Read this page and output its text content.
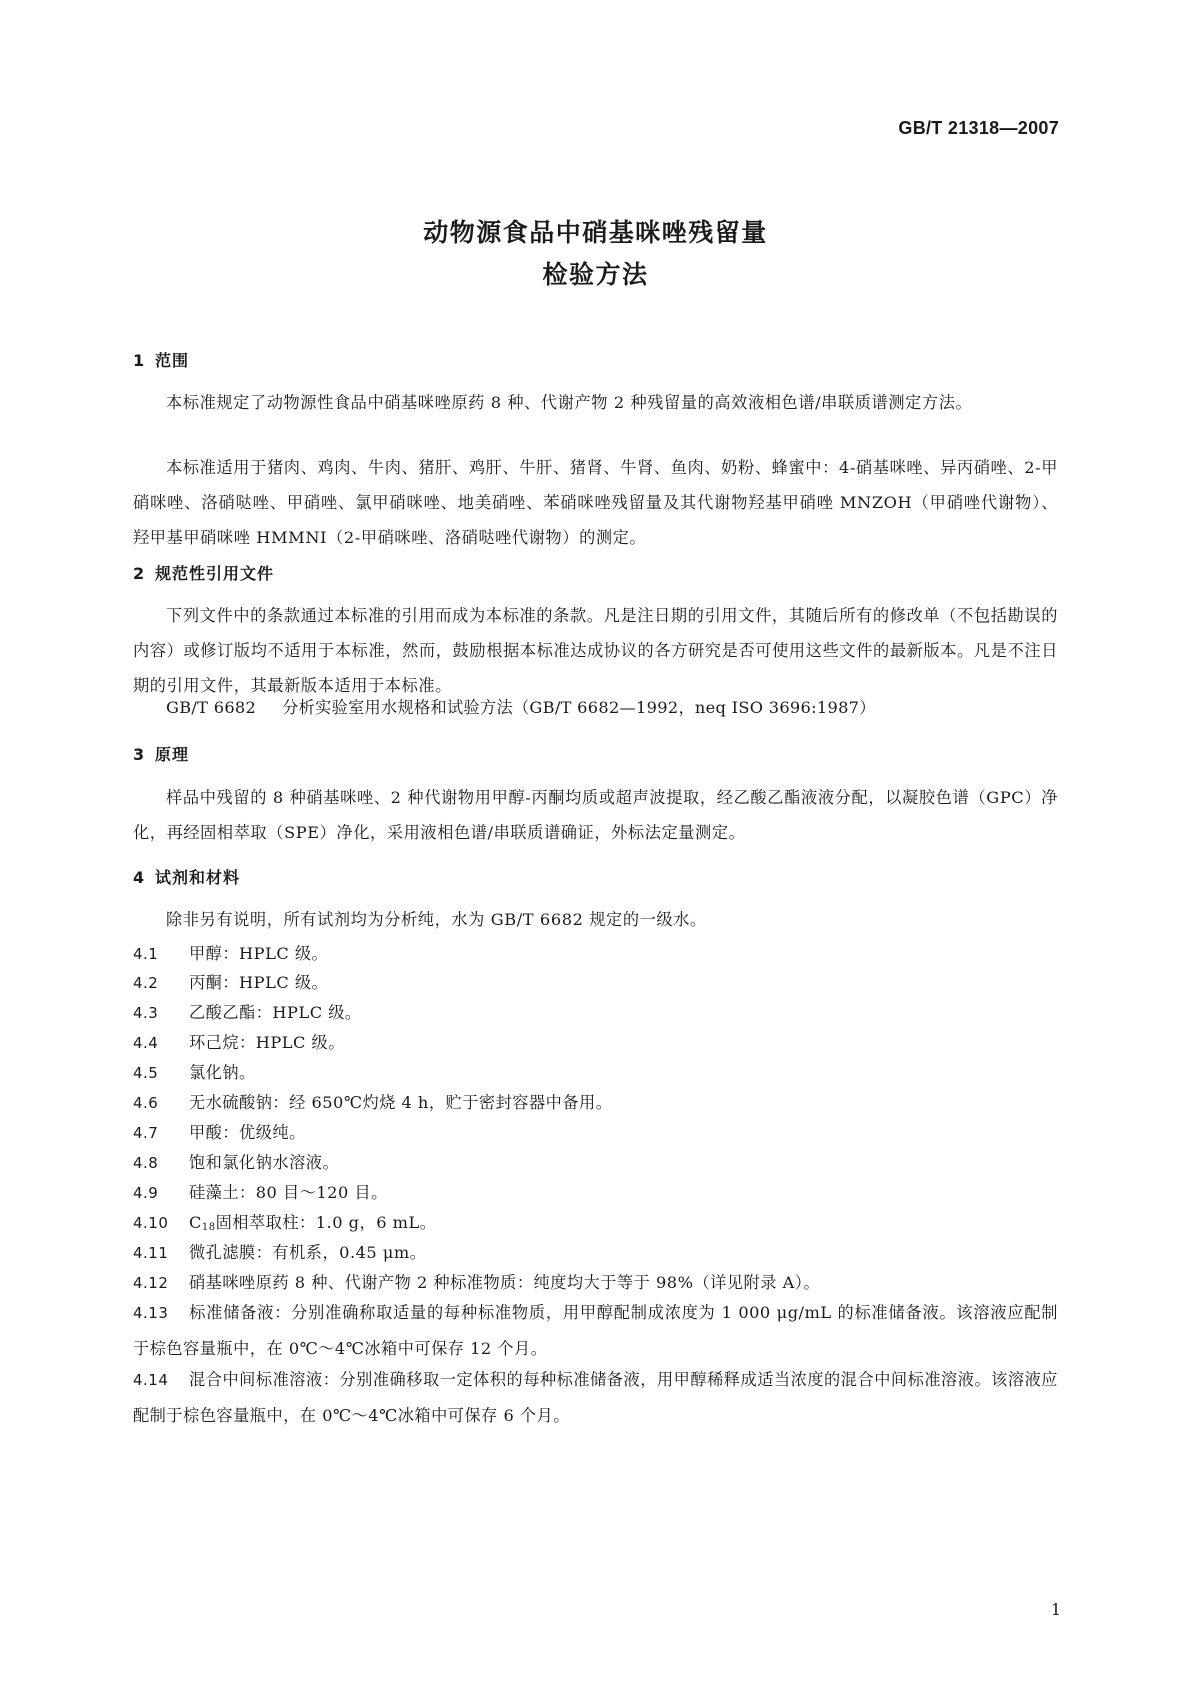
GB/T 21318—2007
动物源食品中硝基咪唑残留量
检验方法
1 范围
本标准规定了动物源性食品中硝基咪唑原药 8 种、代谢产物 2 种残留量的高效液相色谱/串联质谱测定方法。
本标准适用于猪肉、鸡肉、牛肉、猪肝、鸡肝、牛肝、猪肾、牛肾、鱼肉、奶粉、蜂蜜中：4-硝基咪唑、异丙硝唑、2-甲硝咪唑、洛硝哒唑、甲硝唑、氯甲硝咪唑、地美硝唑、苯硝咪唑残留量及其代谢物羟基甲硝唑 MNZOH（甲硝唑代谢物）、羟甲基甲硝咪唑 HMMNI（2-甲硝咪唑、洛硝哒唑代谢物）的测定。
2 规范性引用文件
下列文件中的条款通过本标准的引用而成为本标准的条款。凡是注日期的引用文件，其随后所有的修改单（不包括勘误的内容）或修订版均不适用于本标准，然而，鼓励根据本标准达成协议的各方研究是否可使用这些文件的最新版本。凡是不注日期的引用文件，其最新版本适用于本标准。
GB/T 6682 分析实验室用水规格和试验方法（GB/T 6682—1992，neq ISO 3696:1987）
3 原理
样品中残留的 8 种硝基咪唑、2 种代谢物用甲醇-丙酮均质或超声波提取，经乙酸乙酯液液分配，以凝胶色谱（GPC）净化，再经固相萃取（SPE）净化，采用液相色谱/串联质谱确证，外标法定量测定。
4 试剂和材料
除非另有说明，所有试剂均为分析纯，水为 GB/T 6682 规定的一级水。
4.1 甲醇：HPLC 级。
4.2 丙酮：HPLC 级。
4.3 乙酸乙酯：HPLC 级。
4.4 环己烷：HPLC 级。
4.5 氯化钠。
4.6 无水硫酸钠：经 650℃灼烧 4 h，贮于密封容器中备用。
4.7 甲酸：优级纯。
4.8 饱和氯化钠水溶液。
4.9 硅藻土：80 目～120 目。
4.10 $C_{18}$固相萃取柱：1.0 g，6 mL。
4.11 微孔滤膜：有机系，0.45 μm。
4.12 硝基咪唑原药 8 种、代谢产物 2 种标准物质：纯度均大于等于 98%（详见附录 A）。
4.13 标准储备液：分别准确称取适量的每种标准物质，用甲醇配制成浓度为 1 000 μg/mL 的标准储备液。该溶液应配制于棕色容量瓶中，在 0℃～4℃冰箱中可保存 12 个月。
4.14 混合中间标准溶液：分别准确移取一定体积的每种标准储备液，用甲醇稀释成适当浓度的混合中间标准溶液。该溶液应配制于棕色容量瓶中，在 0℃～4℃冰箱中可保存 6 个月。
1
